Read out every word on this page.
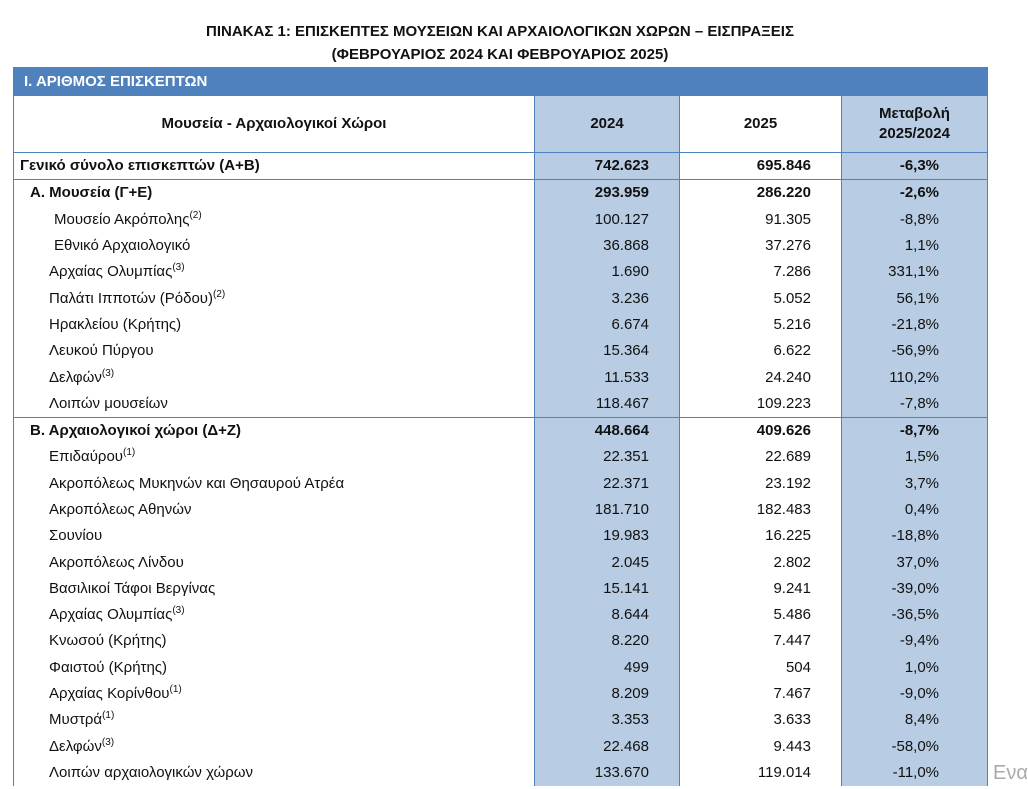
ΠΙΝΑΚΑΣ 1: ΕΠΙΣΚΕΠΤΕΣ ΜΟΥΣΕΙΩΝ ΚΑΙ ΑΡΧΑΙΟΛΟΓΙΚΩΝ ΧΩΡΩΝ – ΕΙΣΠΡΑΞΕΙΣ
(ΦΕΒΡΟΥΑΡΙΟΣ 2024 ΚΑΙ ΦΕΒΡΟΥΑΡΙΟΣ 2025)
Ι. ΑΡΙΘΜΟΣ ΕΠΙΣΚΕΠΤΩΝ			
Μουσεία - Αρχαιολογικοί Χώροι	2024	2025	Μεταβολή
2025/2024

Γενικό σύνολο επισκεπτών (Α+Β)	742.623	695.846	-6,3%
Α. Μουσεία (Γ+Ε)	293.959	286.220	-2,6%
Μουσείο Ακρόπολης$^{(2)}$	100.127	91.305	-8,8%
Εθνικό Αρχαιολογικό	36.868	37.276	1,1%
Αρχαίας Ολυμπίας$^{(3)}$	1.690	7.286	331,1%
Παλάτι Ιπποτών $(Pό\delta o\upsilon)^{(2)}$	3.236	5.052	56,1%
Ηρακλείου (Κρήτης)	6.674	5.216	-21,8%
Λευκού Πύργου	15.364	6.622	-56,9%
Δελφών$^{(3)}$	11.533	24.240	110,2%
Λοιπών μουσείων	118.467	109.223	-7,8%
Β. Αρχαιολογικοί χώροι (Δ+Ζ)	448.664	409.626	-8,7%
Επιδαύρου$^{(1)}$	22.351	22.689	1,5%
Ακροπόλεως Μυκηνών και Θησαυρού Ατρέα	22.371	23.192	3,7%
Ακροπόλεως Αθηνών	181.710	182.483	0,4%
Σουνίου	19.983	16.225	-18,8%
Ακροπόλεως Λίνδου	2.045	2.802	37,0%
Βασιλικοί Τάφοι Βεργίνας	15.141	9.241	-39,0%
Αρχαίας Ολυμπίας$^{(3)}$	8.644	5.486	-36,5%
Κνωσού (Κρήτης)	8.220	7.447	-9,4%
Φαιστού (Κρήτης)	499	504	1,0%
Αρχαίας Κορίνθου$^{(1)}$	8.209	7.467	-9,0%
Μυστρά$^{(1)}$	3.353	3.633	8,4%
Δελφών$^{(3)}$	22.468	9.443	-58,0%
Λοιπών αρχαιολογικών χώρων	133.670	119.014	-11,0%	Eνα
